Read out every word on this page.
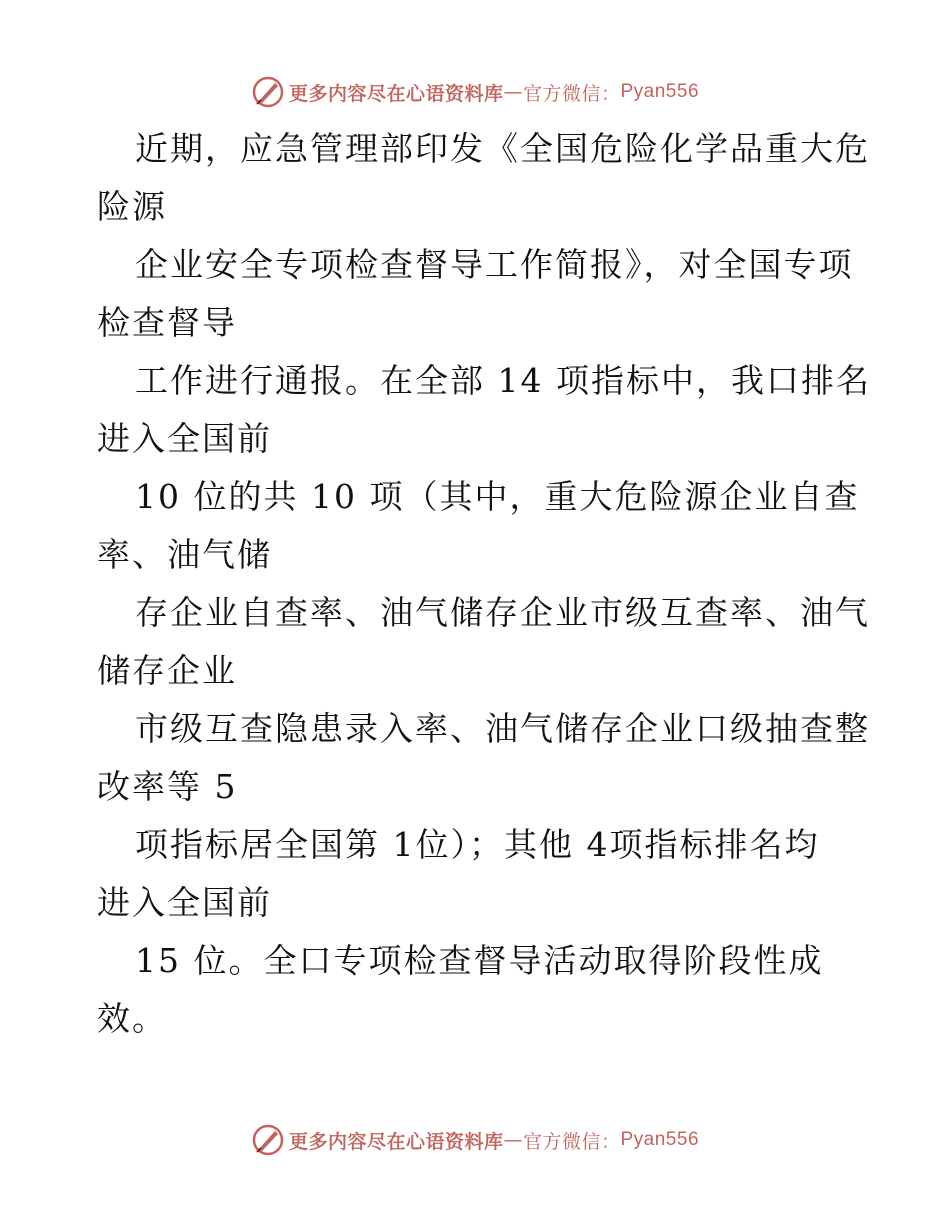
更多内容尽在心语资料库 — 官方微信： Pyan556
近期，应急管理部印发《全国危险化学品重大危
险源
企业安全专项检查督导工作简报》，对全国专项
检查督导
工作进行通报。在全部 14 项指标中，我口排名
进入全国前
10 位的共 10 项（其中，重大危险源企业自查
率、油气储
存企业自查率、油气储存企业市级互查率、油气
储存企业
市级互查隐患录入率、油气储存企业口级抽查整
改率等 5
项指标居全国第 1位）；其他 4项指标排名均
进入全国前
15 位。全口专项检查督导活动取得阶段性成
效。
更多内容尽在心语资料库 — 官方微信： Pyan556
